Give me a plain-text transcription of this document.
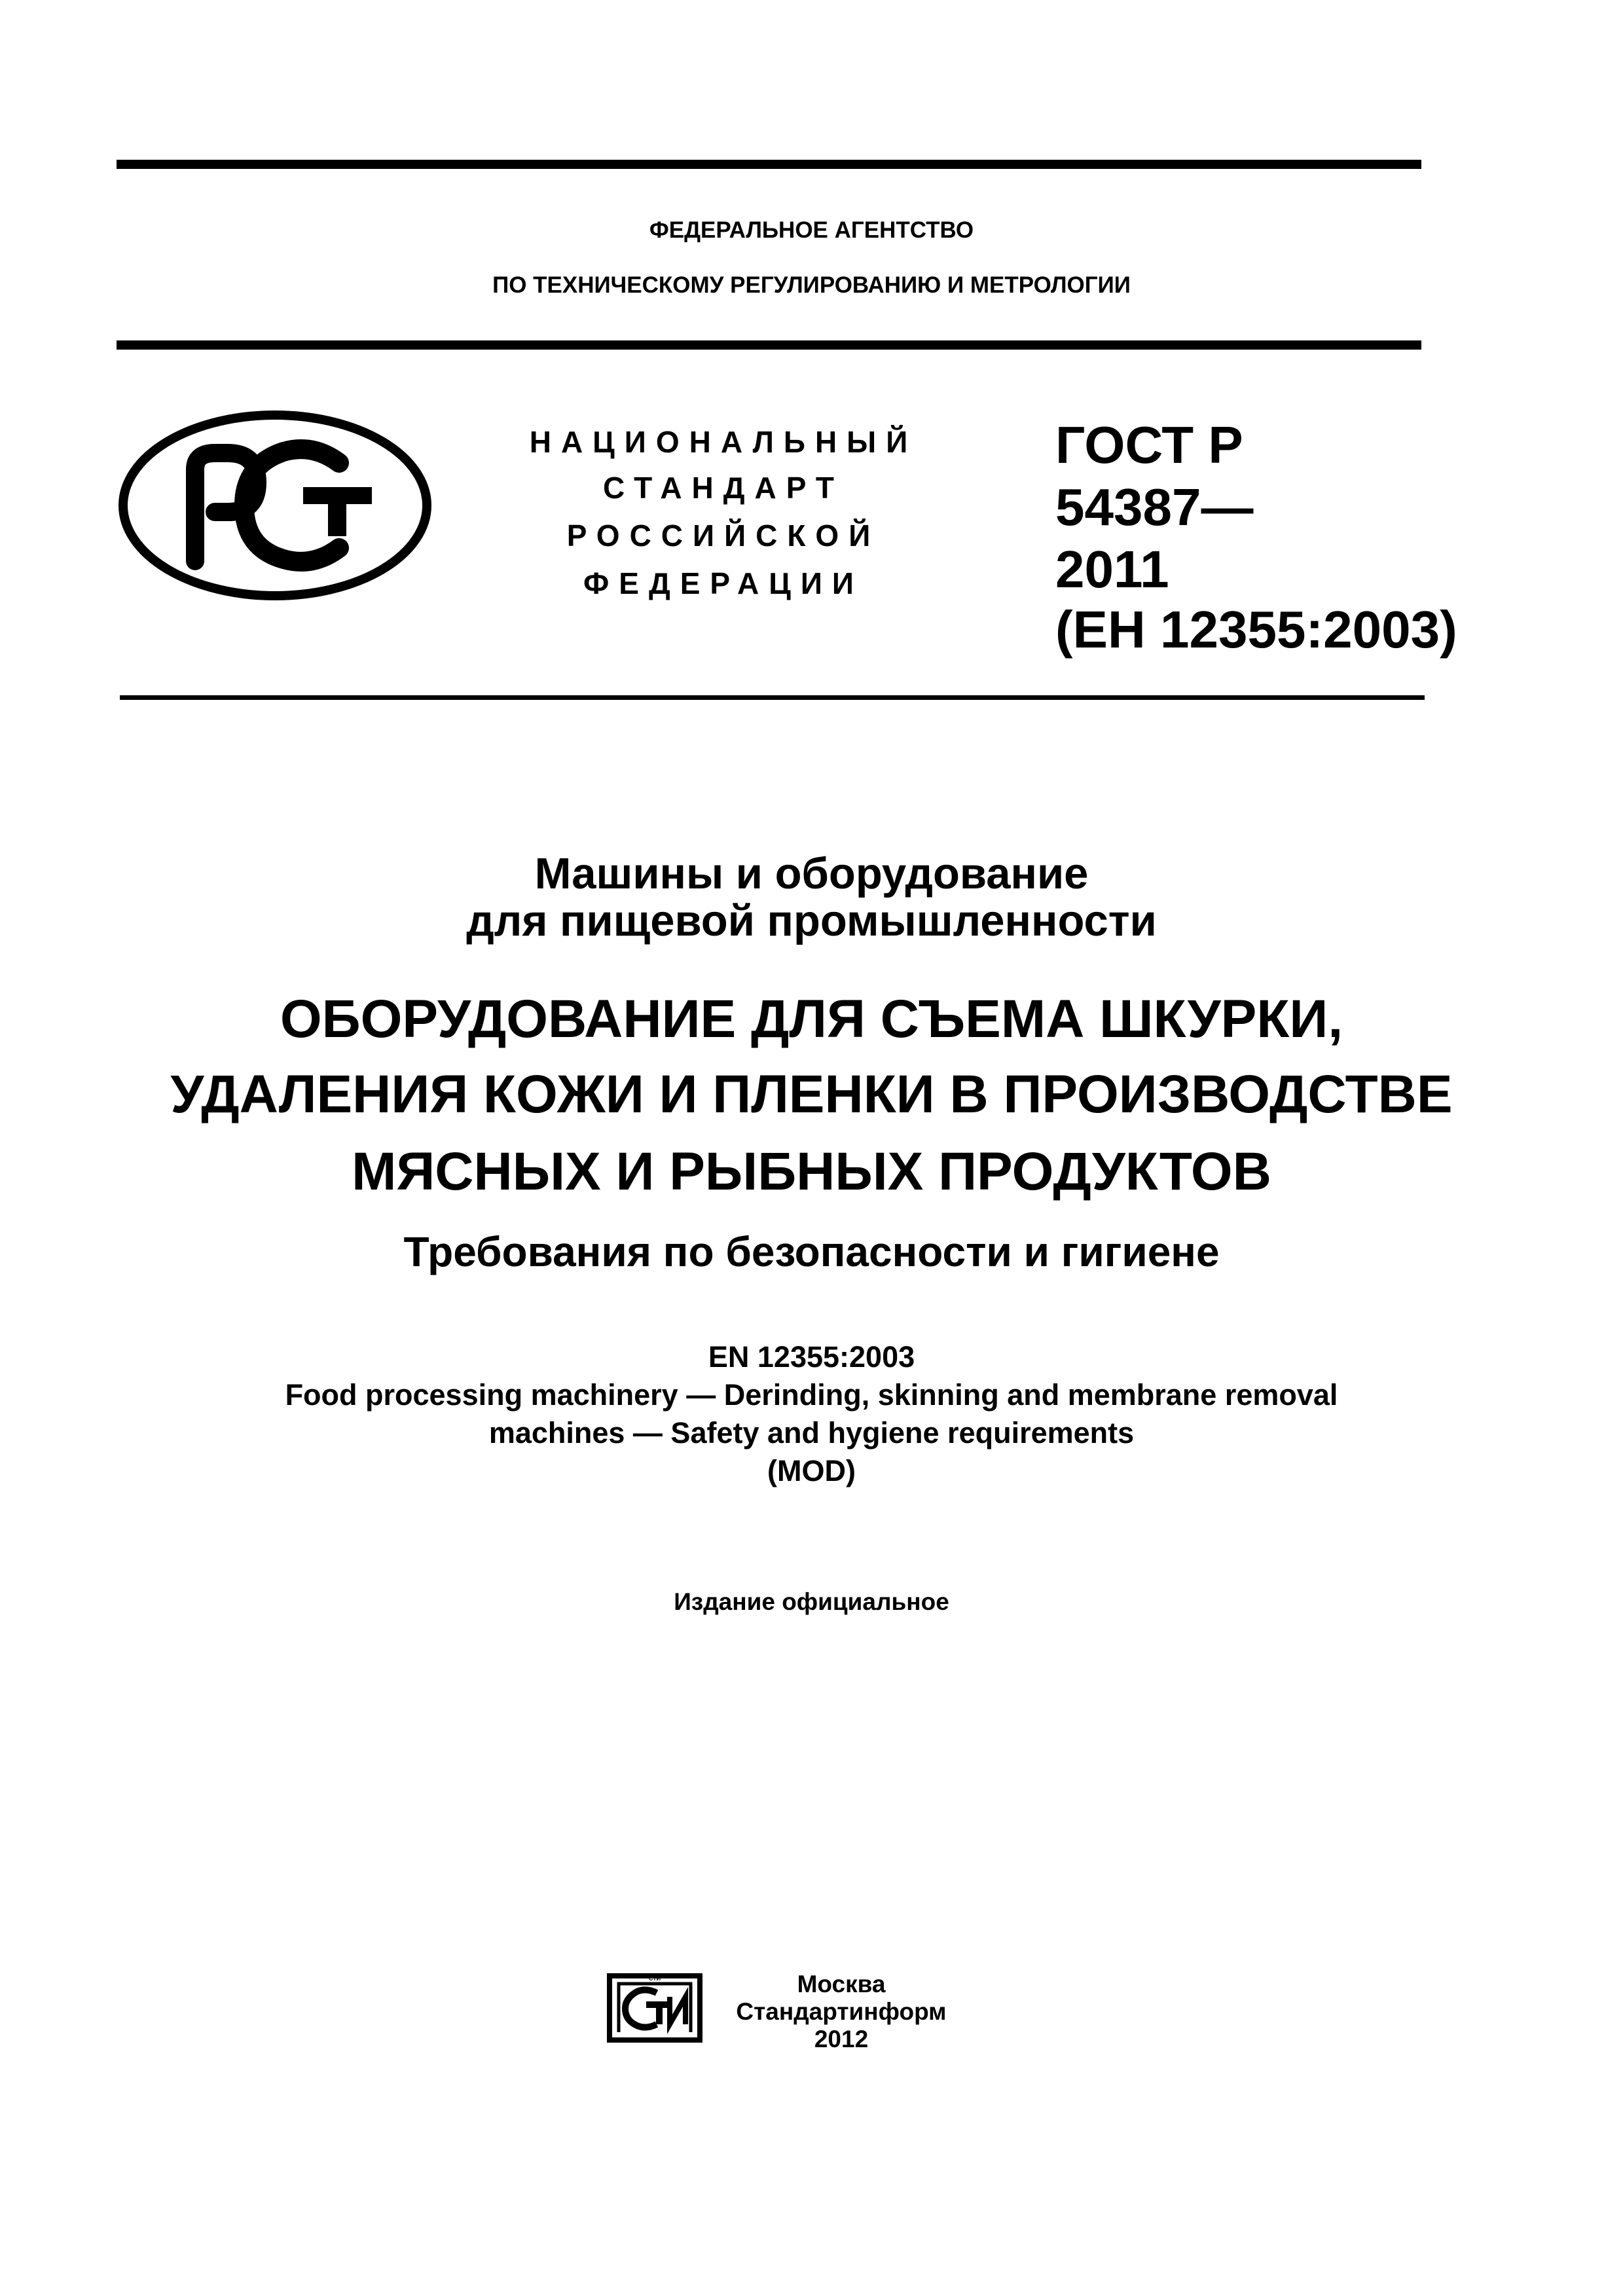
ФЕДЕРАЛЬНОЕ АГЕНТСТВО
ПО ТЕХНИЧЕСКОМУ РЕГУЛИРОВАНИЮ И МЕТРОЛОГИИ
НАЦИОНАЛЬНЫЙ
СТАНДАРТ
РОССИЙСКОЙ
ФЕДЕРАЦИИ
ГОСТ Р
54387—
2011
(ЕН 12355:2003)
Машины и оборудование
для пищевой промышленности
ОБОРУДОВАНИЕ ДЛЯ СЪЕМА ШКУРКИ,
УДАЛЕНИЯ КОЖИ И ПЛЕНКИ В ПРОИЗВОДСТВЕ
МЯСНЫХ И РЫБНЫХ ПРОДУКТОВ
Требования по безопасности и гигиене
EN 12355:2003
Food processing machinery — Derinding, skinning and membrane removal
machines — Safety and hygiene requirements
(MOD)
Издание официальное
СТИ	Москва
Стандартинформ
2012
